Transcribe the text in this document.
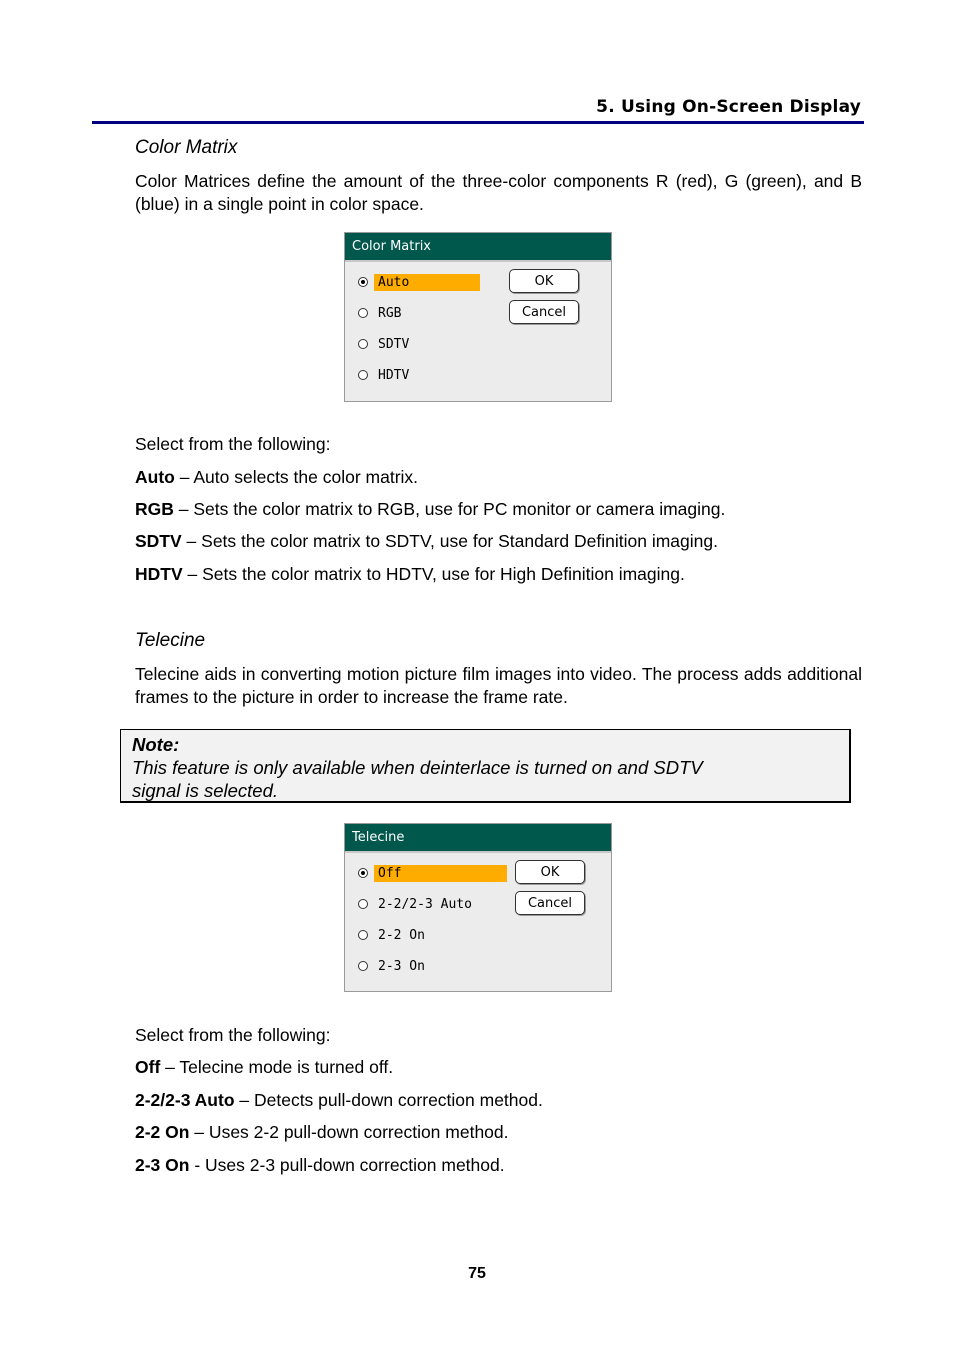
5. Using On-Screen Display
Color Matrix
Color Matrices define the amount of the three-color components R (red), G (green), and B (blue) in a single point in color space.
Color Matrix
Auto
RGB
SDTV
HDTV
OK
Cancel
Select from the following:
Auto – Auto selects the color matrix.
RGB – Sets the color matrix to RGB, use for PC monitor or camera imaging.
SDTV – Sets the color matrix to SDTV, use for Standard Definition imaging.
HDTV – Sets the color matrix to HDTV, use for High Definition imaging.
Telecine
Telecine aids in converting motion picture film images into video. The process adds additional frames to the picture in order to increase the frame rate.
Note:
This feature is only available when deinterlace is turned on and SDTV
signal is selected.
Telecine
Off
2-2/2-3 Auto
2-2 On
2-3 On
OK
Cancel
Select from the following:
Off – Telecine mode is turned off.
2-2/2-3 Auto – Detects pull-down correction method.
2-2 On – Uses 2-2 pull-down correction method.
2-3 On - Uses 2-3 pull-down correction method.
75
